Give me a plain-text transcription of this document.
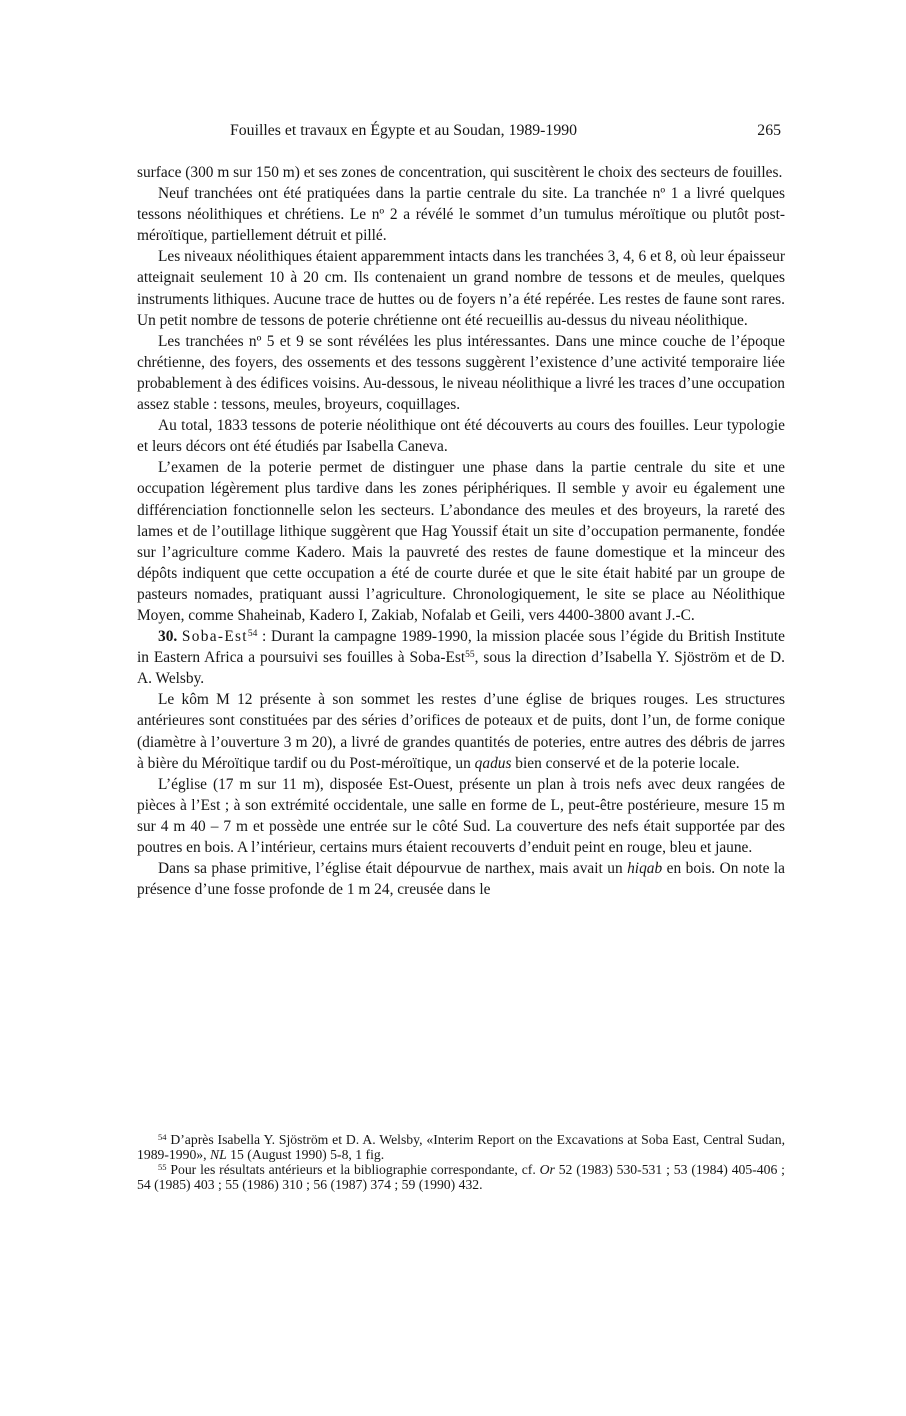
Fouilles et travaux en Égypte et au Soudan, 1989-1990	265

surface (300 m sur 150 m) et ses zones de concentration, qui suscitèrent le choix des secteurs de fouilles.

Neuf tranchées ont été pratiquées dans la partie centrale du site. La tranchée nº 1 a livré quelques tessons néolithiques et chrétiens. Le nº 2 a révélé le sommet d’un tumulus méroïtique ou plutôt post-méroïtique, partiellement détruit et pillé.

Les niveaux néolithiques étaient apparemment intacts dans les tranchées 3, 4, 6 et 8, où leur épaisseur atteignait seulement 10 à 20 cm. Ils contenaient un grand nombre de tessons et de meules, quelques instruments lithiques. Aucune trace de huttes ou de foyers n’a été repérée. Les restes de faune sont rares. Un petit nombre de tessons de poterie chrétienne ont été recueillis au-dessus du niveau néolithique.

Les tranchées nº 5 et 9 se sont révélées les plus intéressantes. Dans une mince couche de l’époque chrétienne, des foyers, des ossements et des tessons suggèrent l’existence d’une activité temporaire liée probablement à des édifices voisins. Au-dessous, le niveau néolithique a livré les traces d’une occupation assez stable : tessons, meules, broyeurs, coquillages.

Au total, 1833 tessons de poterie néolithique ont été découverts au cours des fouilles. Leur typologie et leurs décors ont été étudiés par Isabella Caneva.

L’examen de la poterie permet de distinguer une phase dans la partie centrale du site et une occupation légèrement plus tardive dans les zones périphériques. Il semble y avoir eu également une différenciation fonctionnelle selon les secteurs. L’abondance des meules et des broyeurs, la rareté des lames et de l’outillage lithique suggèrent que Hag Youssif était un site d’occupation permanente, fondée sur l’agriculture comme Kadero. Mais la pauvreté des restes de faune domestique et la minceur des dépôts indiquent que cette occupation a été de courte durée et que le site était habité par un groupe de pasteurs nomades, pratiquant aussi l’agriculture. Chronologiquement, le site se place au Néolithique Moyen, comme Shaheinab, Kadero I, Zakiab, Nofalab et Geili, vers 4400-3800 avant J.-C.

30. Soba-Est$^{54}$ : Durant la campagne 1989-1990, la mission placée sous l’égide du British Institute in Eastern Africa a poursuivi ses fouilles à Soba-Est$^{55}$, sous la direction d’Isabella Y. Sjöström et de D. A. Welsby.

Le kôm M 12 présente à son sommet les restes d’une église de briques rouges. Les structures antérieures sont constituées par des séries d’orifices de poteaux et de puits, dont l’un, de forme conique (diamètre à l’ouverture 3 m 20), a livré de grandes quantités de poteries, entre autres des débris de jarres à bière du Méroïtique tardif ou du Post-méroïtique, un qadus bien conservé et de la poterie locale.

L’église (17 m sur 11 m), disposée Est-Ouest, présente un plan à trois nefs avec deux rangées de pièces à l’Est ; à son extrémité occidentale, une salle en forme de L, peut-être postérieure, mesure 15 m sur 4 m 40 – 7 m et possède une entrée sur le côté Sud. La couverture des nefs était supportée par des poutres en bois. A l’intérieur, certains murs étaient recouverts d’enduit peint en rouge, bleu et jaune.

Dans sa phase primitive, l’église était dépourvue de narthex, mais avait un hiqab en bois. On note la présence d’une fosse profonde de 1 m 24, creusée dans le

$^{54}$ D’après Isabella Y. Sjöström et D. A. Welsby, «Interim Report on the Excavations at Soba East, Central Sudan, 1989-1990», NL 15 (August 1990) 5-8, 1 fig.

$^{55}$ Pour les résultats antérieurs et la bibliographie correspondante, cf. Or 52 (1983) 530-531 ; 53 (1984) 405-406 ; 54 (1985) 403 ; 55 (1986) 310 ; 56 (1987) 374 ; 59 (1990) 432.
